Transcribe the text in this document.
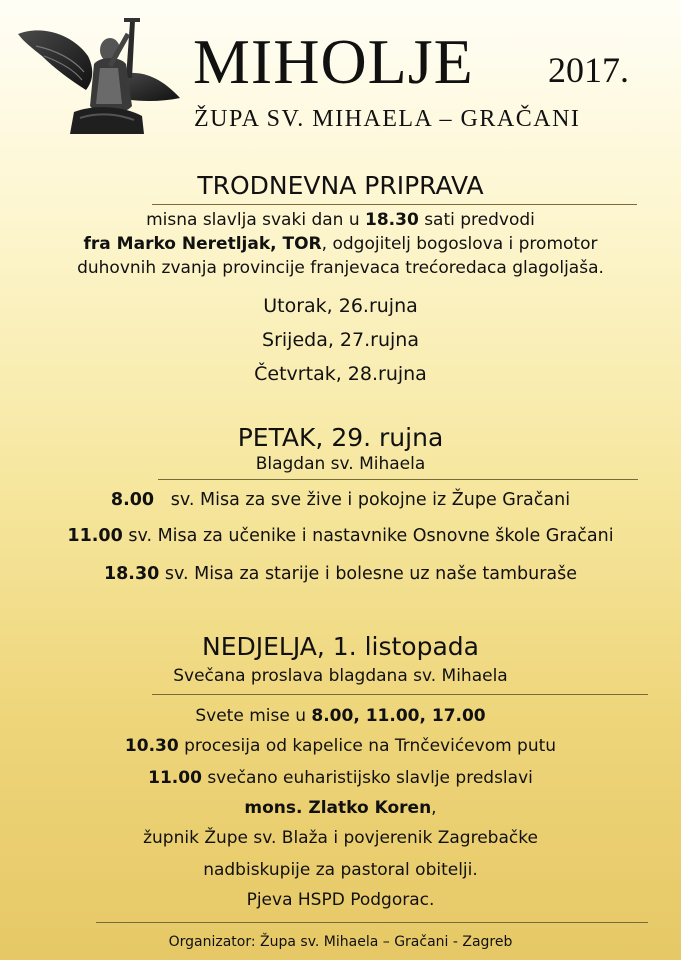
MIHOLJE 2017.
ŽUPA SV. MIHAELA – GRAČANI
TRODNEVNA PRIPRAVA
misna slavlja svaki dan u 18.30 sati predvodi
fra Marko Neretljak, TOR, odgojitelj bogoslova i promotor
duhovnih zvanja provincije franjevaca trećoredaca glagoljaša.
Utorak, 26.rujna
Srijeda, 27.rujna
Četvrtak, 28.rujna
PETAK, 29. rujna
Blagdan sv. Mihaela
8.00   sv. Misa za sve žive i pokojne iz Župe Gračani
11.00 sv. Misa za učenike i nastavnike Osnovne škole Gračani
18.30 sv. Misa za starije i bolesne uz naše tamburaše
NEDJELJA, 1. listopada
Svečana proslava blagdana sv. Mihaela
Svete mise u 8.00, 11.00, 17.00
10.30 procesija od kapelice na Trnčevićevom putu
11.00 svečano euharistijsko slavlje predslavi
mons. Zlatko Koren,
župnik Župe sv. Blaža i povjerenik Zagrebačke
nadbiskupije za pastoral obitelji.
Pjeva HSPD Podgorac.
Organizator: Župa sv. Mihaela – Gračani - Zagreb
